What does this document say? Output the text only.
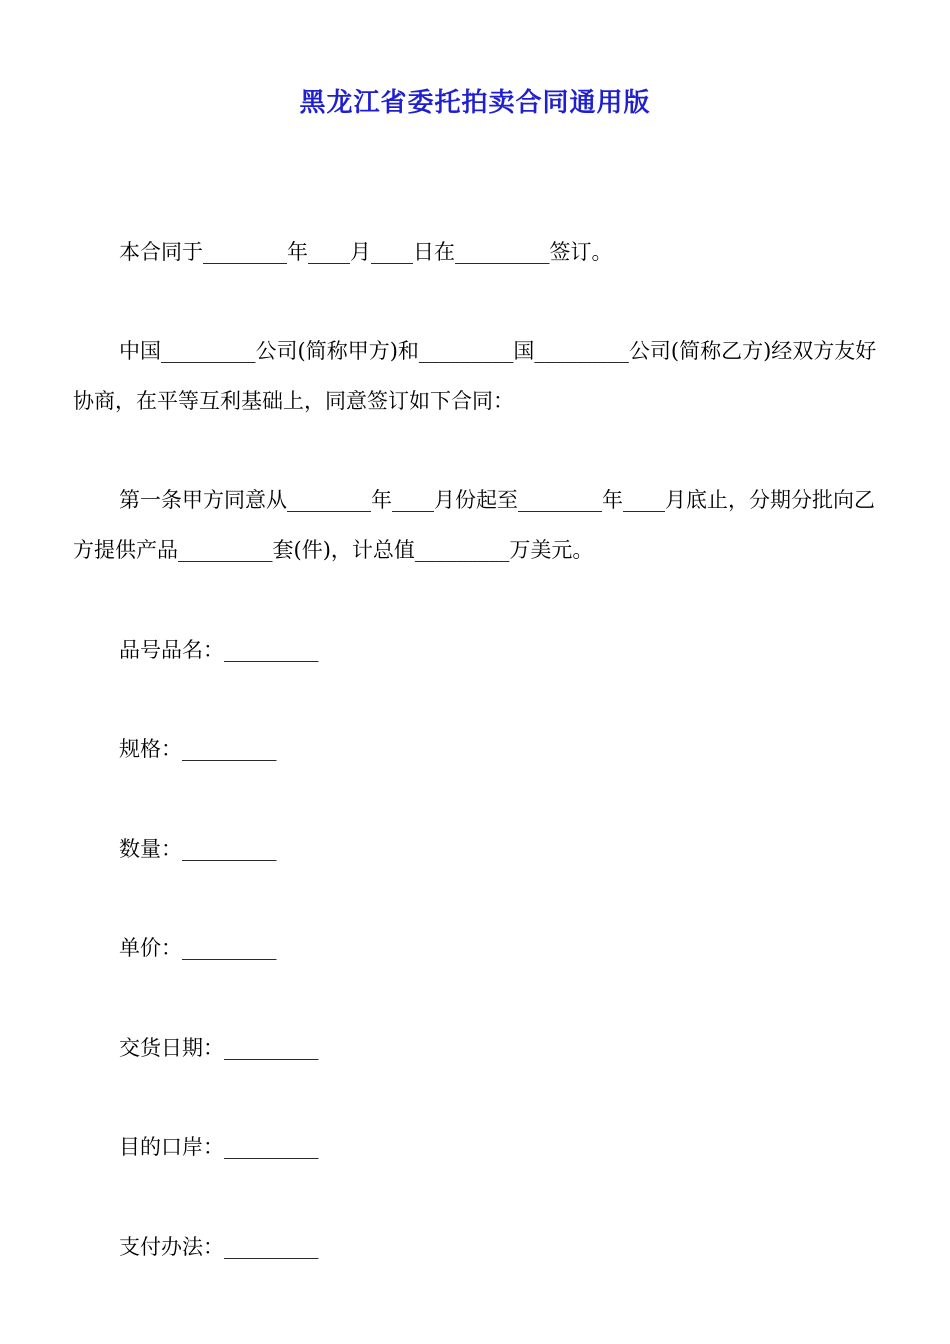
黑龙江省委托拍卖合同通用版

本合同于________年____月____日在_________签订。

中国_________公司(简称甲方)和_________国_________公司(简称乙方)经双方友好协商，在平等互利基础上，同意签订如下合同：

第一条甲方同意从________年____月份起至________年____月底止，分期分批向乙方提供产品_________套(件)，计总值_________万美元。

品号品名：_________

规格：_________

数量：_________

单价：_________

交货日期：_________

目的口岸：_________

支付办法：_________
